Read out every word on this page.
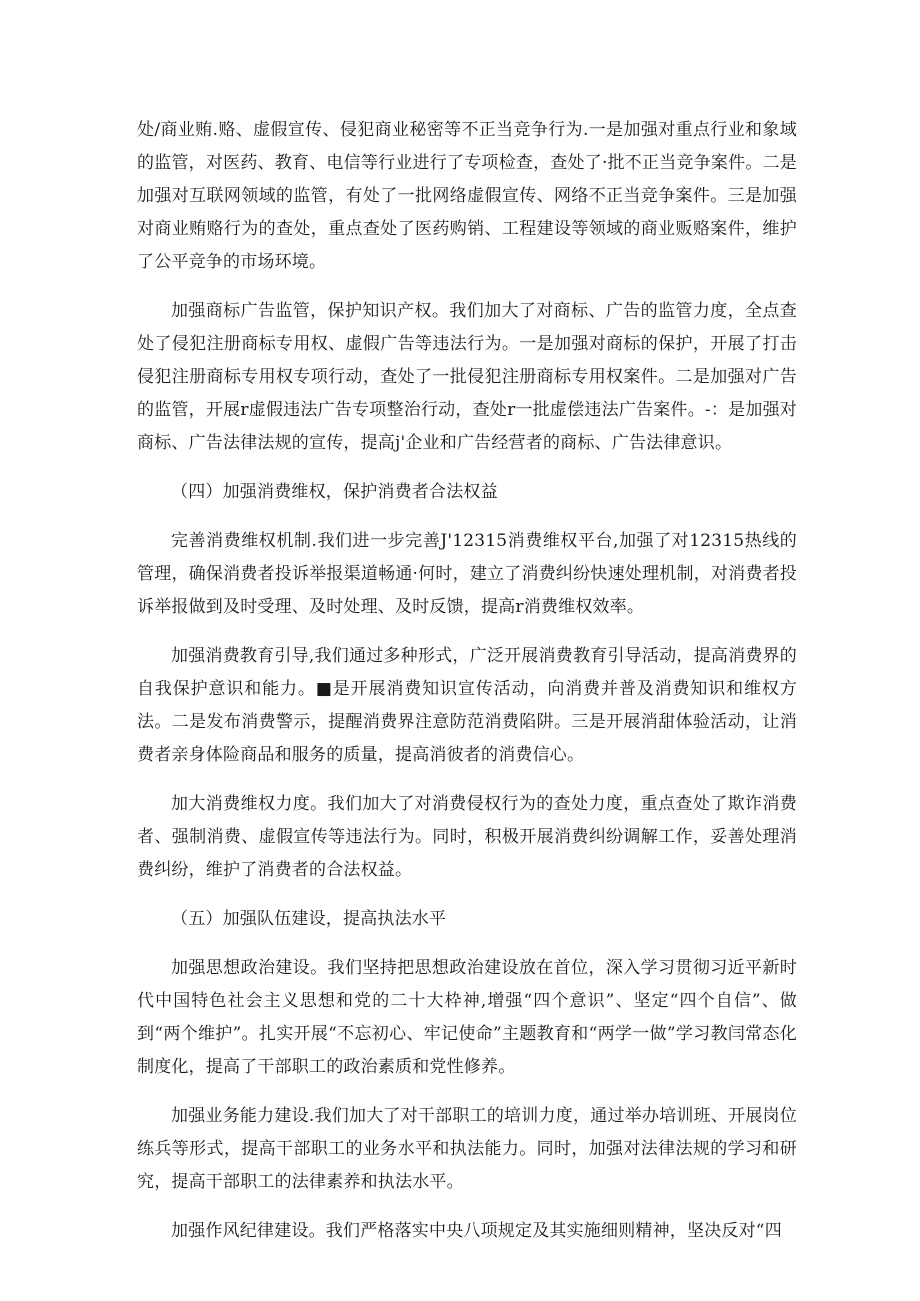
处/商业贿.赂、虚假宣传、侵犯商业秘密等不正当竞争行为.一是加强对重点行业和象域的监管，对医药、教育、电信等行业进行了专项检查，查处了·批不正当竞争案件。二是加强对互联网领域的监管，有处了一批网络虚假宣传、网络不正当竞争案件。三是加强对商业贿赂行为的查处，重点查处了医药购销、工程建设等领域的商业贩赂案件，维护了公平竞争的市场环境。

加强商标广告监管，保护知识产权。我们加大了对商标、广告的监管力度，全点查处了侵犯注册商标专用权、虚假广告等违法行为。一是加强对商标的保护，开展了打击侵犯注册商标专用权专项行动，查处了一批侵犯注册商标专用权案件。二是加强对广告的监管，开展r虚假违法广告专项整治行动，查处r一批虚偿违法广告案件。-：是加强对商标、广告法律法规的宣传，提高j'企业和广告经营者的商标、广告法律意识。

（四）加强消费维权，保护消费者合法权益

完善消费维权机制.我们进一步完善J'12315消费维权平台,加强了对12315热线的管理，确保消费者投诉举报渠道畅通·何时，建立了消费纠纷快速处理机制，对消费者投诉举报做到及时受理、及时处理、及时反馈，提高r消费维权效率。

加强消费教育引导,我们通过多种形式，广泛开展消费教育引导活动，提高消费界的自我保护意识和能力。■是开展消费知识宣传活动，向消费并普及消费知识和维权方法。二是发布消费警示，提醒消费界注意防范消费陷阱。三是开展消甜体验活动，让消费者亲身体险商品和服务的质量，提高消彼者的消费信心。

加大消费维权力度。我们加大了对消费侵权行为的查处力度，重点查处了欺诈消费者、强制消费、虚假宣传等违法行为。同时，积极开展消费纠纷调解工作，妥善处理消费纠纷，维护了消费者的合法权益。

（五）加强队伍建设，提高执法水平

加强思想政治建设。我们坚持把思想政治建设放在首位，深入学习贯彻习近平新时代中国特色社会主义思想和党的二十大枠神,增强“四个意识”、坚定“四个自信”、做到“两个维护”。扎实开展“不忘初心、牢记使命”主题教育和“两学一做”学习教闫常态化制度化，提高了干部职工的政治素质和党性修养。

加强业务能力建设.我们加大了对干部职工的培训力度，通过举办培训班、开展岗位练兵等形式，提高干部职工的业务水平和执法能力。同时，加强对法律法规的学习和研究，提高干部职工的法律素养和执法水平。

加强作风纪律建设。我们严格落实中央八项规定及其实施细则精神，坚决反对“四
